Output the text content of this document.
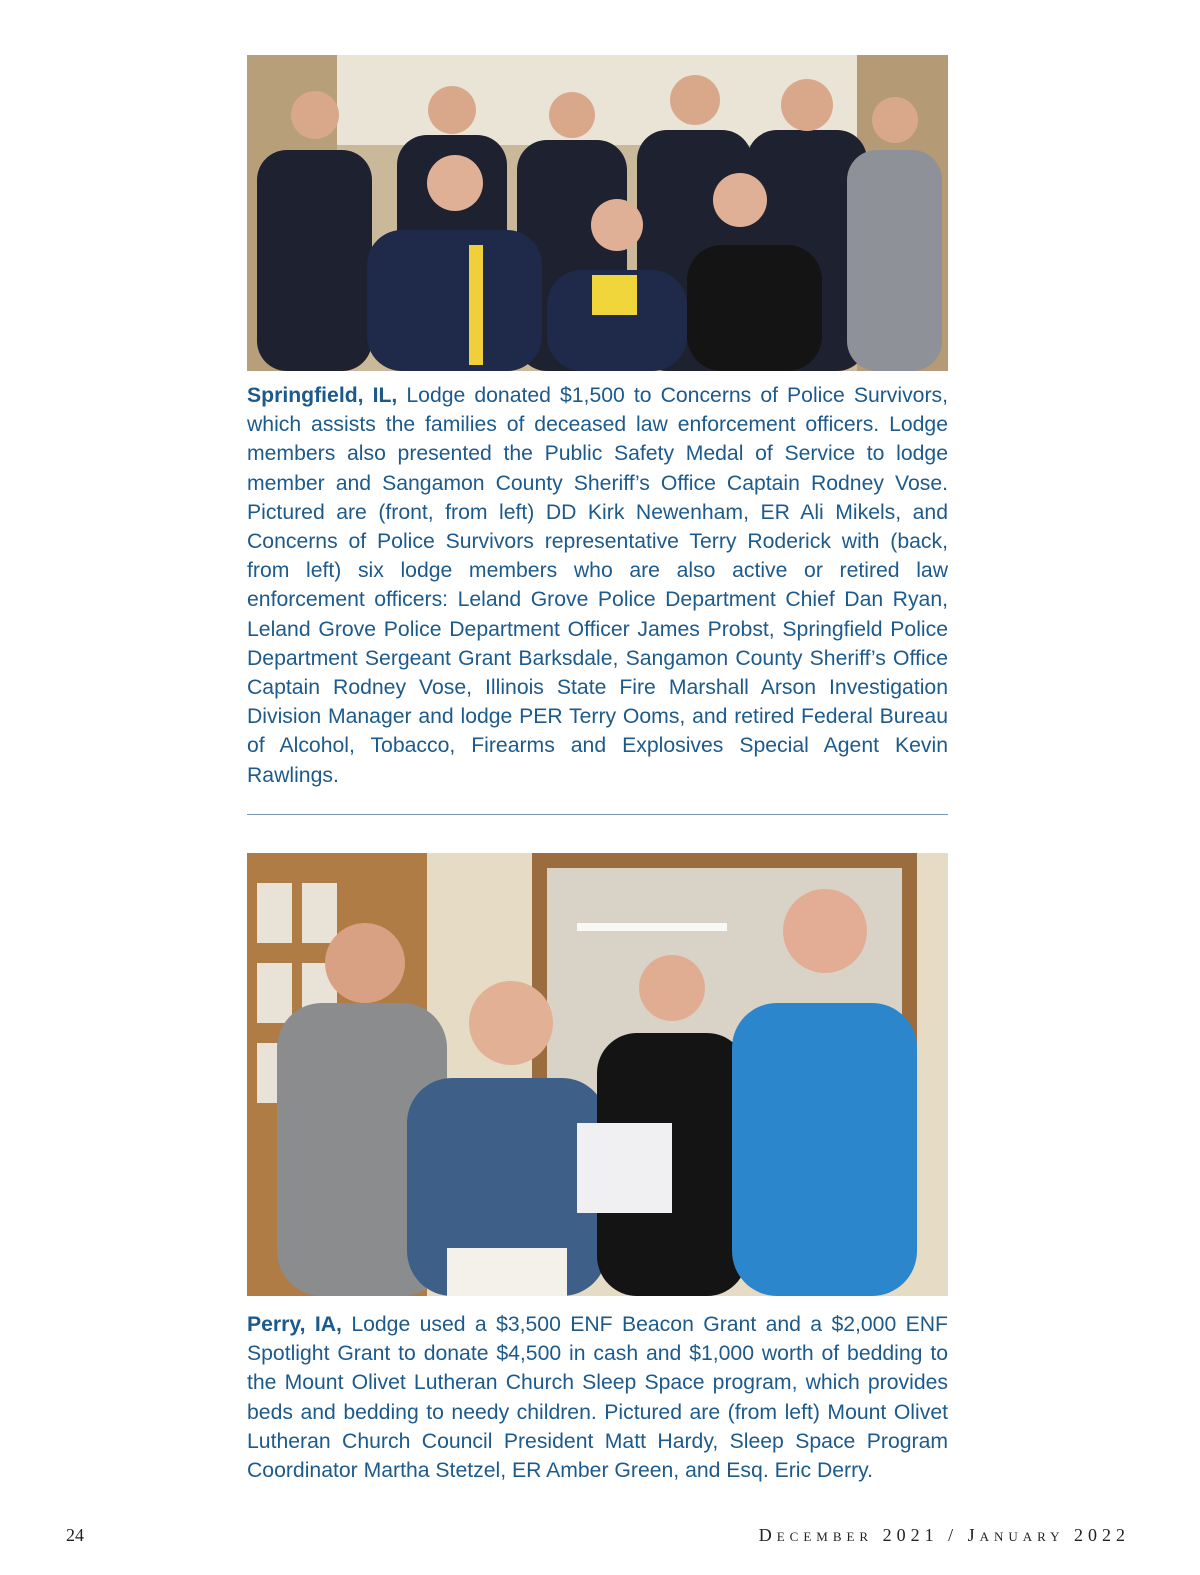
Springfield, IL, Lodge donated $1,500 to Concerns of Police Survivors, which assists the families of deceased law enforcement officers. Lodge members also presented the Public Safety Medal of Service to lodge member and Sangamon County Sheriff’s Office Captain Rodney Vose. Pictured are (front, from left) DD Kirk Newenham, ER Ali Mikels, and Concerns of Police Survivors representative Terry Roderick with (back, from left) six lodge members who are also active or retired law enforcement officers: Leland Grove Police Department Chief Dan Ryan, Leland Grove Police Department Officer James Probst, Springfield Police Department Sergeant Grant Barksdale, Sangamon County Sheriff’s Office Captain Rodney Vose, Illinois State Fire Marshall Arson Investigation Division Manager and lodge PER Terry Ooms, and retired Federal Bureau of Alcohol, Tobacco, Firearms and Explosives Special Agent Kevin Rawlings.

Perry, IA, Lodge used a $3,500 ENF Beacon Grant and a $2,000 ENF Spotlight Grant to donate $4,500 in cash and $1,000 worth of bedding to the Mount Olivet Lutheran Church Sleep Space program, which provides beds and bedding to needy children. Pictured are (from left) Mount Olivet Lutheran Church Council President Matt Hardy, Sleep Space Program Coordinator Martha Stetzel, ER Amber Green, and Esq. Eric Derry.

24	December 2021 / January 2022
